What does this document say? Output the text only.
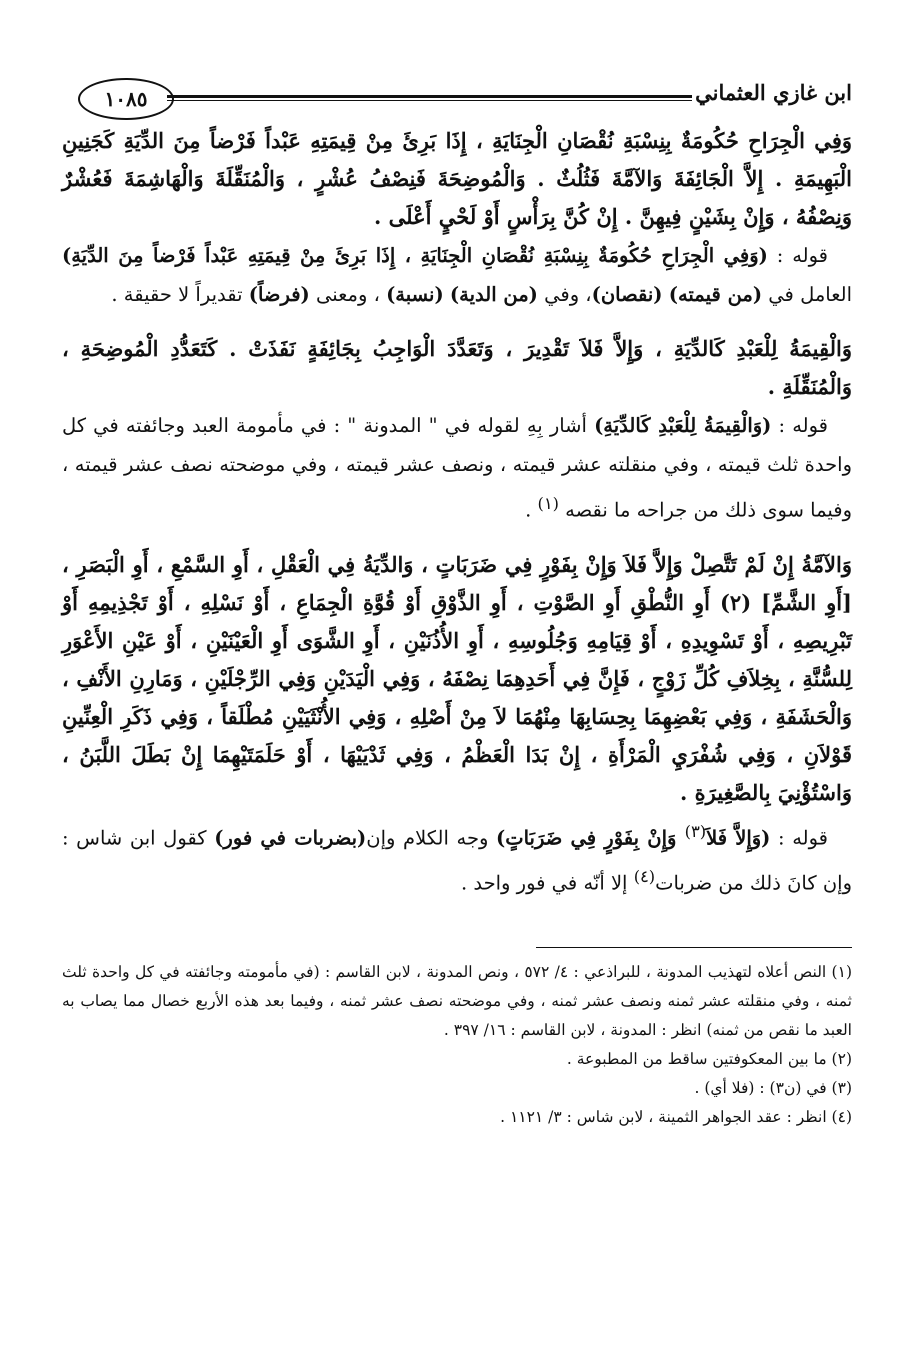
ابن غازي العثماني
١٠٨٥

وَفِي الْجِرَاحِ حُكُومَةٌ بِنِسْبَةِ نُقْصَانِ الْجِنَايَةِ ، إِذَا بَرِئَ مِنْ قِيمَتِهِ عَبْداً فَرْضاً مِنَ الدِّيَةِ كَجَنِينِ الْبَهِيمَةِ . إِلاَّ الْجَائِفَةَ وَالآمَّةَ فَثُلُثٌ . وَالْمُوضِحَةَ فَنِصْفُ عُشْرٍ ، وَالْمُنَقِّلَةَ وَالْهَاشِمَةَ فَعُشْرٌ وَنِصْفُهُ ، وَإِنْ بِشَيْنٍ فِيهِنَّ . إِنْ كُنَّ بِرَأْسٍ أَوْ لَحْيٍ أَعْلَى .

قوله : (وَفِي الْجِرَاحِ حُكُومَةٌ بِنِسْبَةِ نُقْصَانِ الْجِنَايَةِ ، إِذَا بَرِئَ مِنْ قِيمَتِهِ عَبْداً فَرْضاً مِنَ الدِّيَةِ) العامل في (من قيمته) (نقصان)، وفي (من الدية) (نسبة) ، ومعنى (فرضاً) تقديراً لا حقيقة .

وَالْقِيمَةُ لِلْعَبْدِ كَالدِّيَةِ ، وَإِلاَّ فَلاَ تَقْدِيرَ ، وَتَعَدَّدَ الْوَاجِبُ بِجَائِفَةٍ نَفَذَتْ . كَتَعَدُّدِ الْمُوضِحَةِ ، وَالْمُنَقِّلَةِ .

قوله : (وَالْقِيمَةُ لِلْعَبْدِ كَالدِّيَةِ) أشار بِهِ لقوله في " المدونة " : في مأمومة العبد وجائفته في كل واحدة ثلث قيمته ، وفي منقلته عشر قيمته ، ونصف عشر قيمته ، وفي موضحته نصف عشر قيمته ، وفيما سوى ذلك من جراحه ما نقصه $^{(١)}$ .

وَالآمَّةُ إِنْ لَمْ تَتَّصِلْ وَإِلاَّ فَلاَ وَإِنْ بِفَوْرٍ فِي ضَرَبَاتٍ ، وَالدِّيَةُ فِي الْعَقْلِ ، أَوِ السَّمْعِ ، أَوِ الْبَصَرِ ، [أَوِ الشَّمِّ] (٢) أَوِ النُّطْقِ أَوِ الصَّوْتِ ، أَوِ الذَّوْقِ أَوْ قُوَّةِ الْجِمَاعِ ، أَوْ نَسْلِهِ ، أَوْ تَجْذِيمِهِ أَوْ تَبْرِيصِهِ ، أَوْ تَسْوِيدِهِ ، أَوْ قِيَامِهِ وَجُلُوسِهِ ، أَوِ الأُذُنَيْنِ ، أَوِ الشَّوَى أَوِ الْعَيْنَيْنِ ، أَوْ عَيْنِ الأَعْوَرِ لِلسُّنَّةِ ، بِخِلاَفِ كُلِّ زَوْجٍ ، فَإِنَّ فِي أَحَدِهِمَا نِصْفَهُ ، وَفِي الْيَدَيْنِ وَفِي الرِّجْلَيْنِ ، وَمَارِنِ الأَنْفِ ، وَالْحَشَفَةِ ، وَفِي بَعْضِهِمَا بِحِسَابِهَا مِنْهُمَا لاَ مِنْ أَصْلِهِ ، وَفِي الأُنْثَيَيْنِ مُطْلَقاً ، وَفِي ذَكَرِ الْعِنِّينِ قَوْلاَنِ ، وَفِي شُفْرَيِ الْمَرْأَةِ ، إِنْ بَدَا الْعَظْمُ ، وَفِي ثَدْيَيْهَا ، أَوْ حَلَمَتَيْهِمَا إِنْ بَطَلَ اللَّبَنُ ، وَاسْتُؤْنِيَ بِالصَّغِيرَةِ .

قوله : (وَإِلاَّ فَلاَ$^{(٣)}$ وَإِنْ بِفَوْرٍ فِي ضَرَبَاتٍ) وجه الكلام وإن(بضربات في فور) كقول ابن شاس : وإن كانَ ذلك من ضربات$^{(٤)}$ إلا أنّه في فور واحد .

(١) النص أعلاه لتهذيب المدونة ، للبراذعي : ٤/ ٥٧٢ ، ونص المدونة ، لابن القاسم : (في مأمومته وجائفته في كل واحدة ثلث ثمنه ، وفي منقلته عشر ثمنه ونصف عشر ثمنه ، وفي موضحته نصف عشر ثمنه ، وفيما بعد هذه الأربع خصال مما يصاب به العبد ما نقص من ثمنه) انظر : المدونة ، لابن القاسم : ١٦/ ٣٩٧ .

(٢) ما بين المعكوفتين ساقط من المطبوعة .

(٣) في (ن٣) : (فلا أي) .

(٤) انظر : عقد الجواهر الثمينة ، لابن شاس : ٣/ ١١٢١ .
